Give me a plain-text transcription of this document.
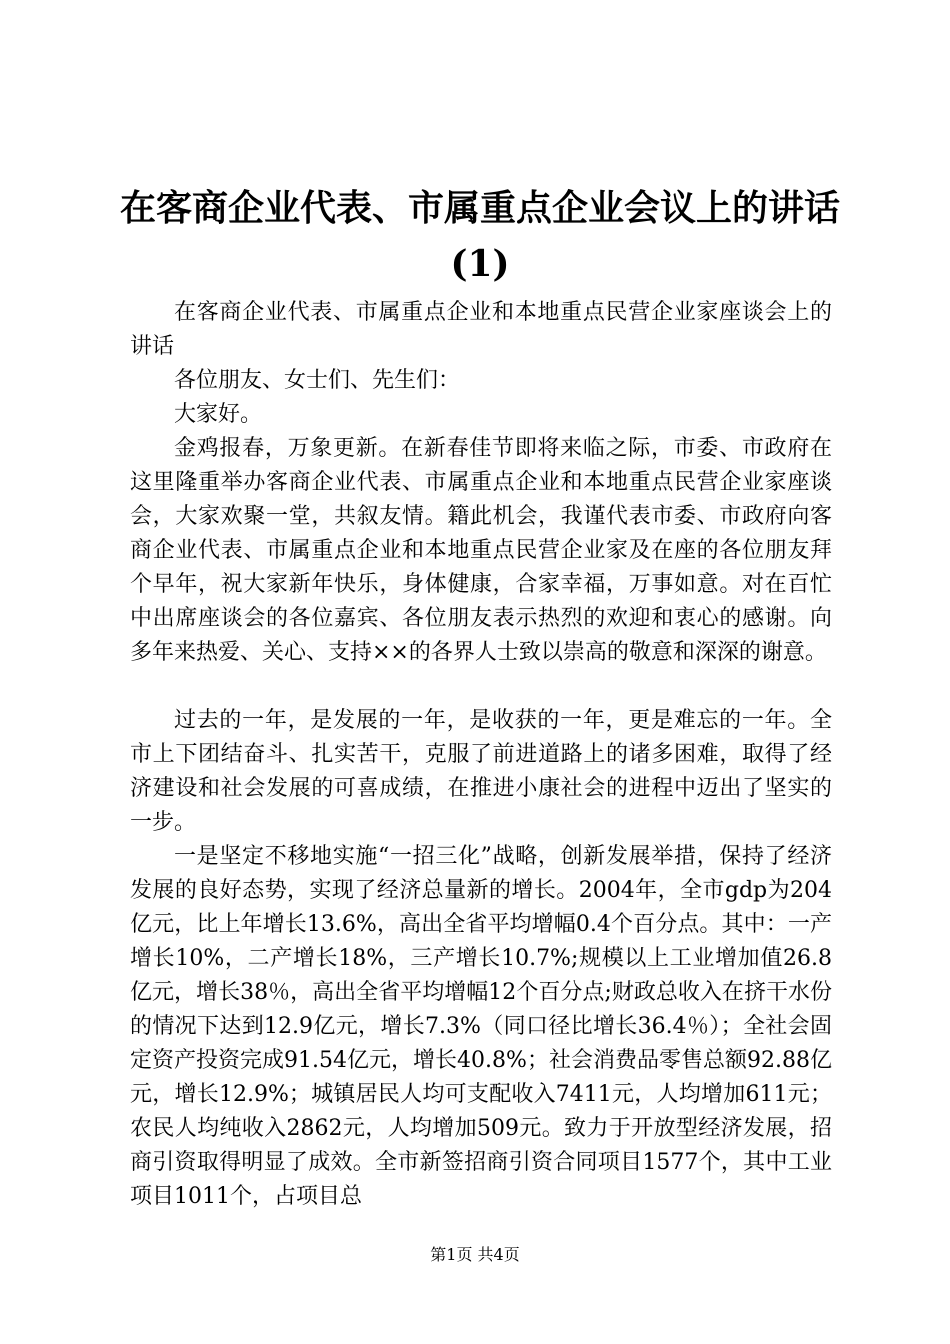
在客商企业代表、市属重点企业会议上的讲话
(1)

在客商企业代表、市属重点企业和本地重点民营企业家座谈会上的讲话

各位朋友、女士们、先生们：

大家好。

金鸡报春，万象更新。在新春佳节即将来临之际，市委、市政府在这里隆重举办客商企业代表、市属重点企业和本地重点民营企业家座谈会，大家欢聚一堂，共叙友情。籍此机会，我谨代表市委、市政府向客商企业代表、市属重点企业和本地重点民营企业家及在座的各位朋友拜个早年，祝大家新年快乐，身体健康，合家幸福，万事如意。对在百忙中出席座谈会的各位嘉宾、各位朋友表示热烈的欢迎和衷心的感谢。向多年来热爱、关心、支持××的各界人士致以崇高的敬意和深深的谢意。

过去的一年，是发展的一年，是收获的一年，更是难忘的一年。全市上下团结奋斗、扎实苦干，克服了前进道路上的诸多困难，取得了经济建设和社会发展的可喜成绩，在推进小康社会的进程中迈出了坚实的一步。

一是坚定不移地实施“一招三化”战略，创新发展举措，保持了经济发展的良好态势，实现了经济总量新的增长。2004年，全市gdp为204亿元，比上年增长13.6%，高出全省平均增幅0.4个百分点。其中：一产增长10%，二产增长18%，三产增长10.7%;规模以上工业增加值26.8亿元，增长38％，高出全省平均增幅12个百分点;财政总收入在挤干水份的情况下达到12.9亿元，增长7.3%（同口径比增长36.4％）；全社会固定资产投资完成91.54亿元，增长40.8%；社会消费品零售总额92.88亿元，增长12.9%；城镇居民人均可支配收入7411元，人均增加611元；农民人均纯收入2862元，人均增加509元。致力于开放型经济发展，招商引资取得明显了成效。全市新签招商引资合同项目1577个，其中工业项目1011个，占项目总

第1页 共4页
